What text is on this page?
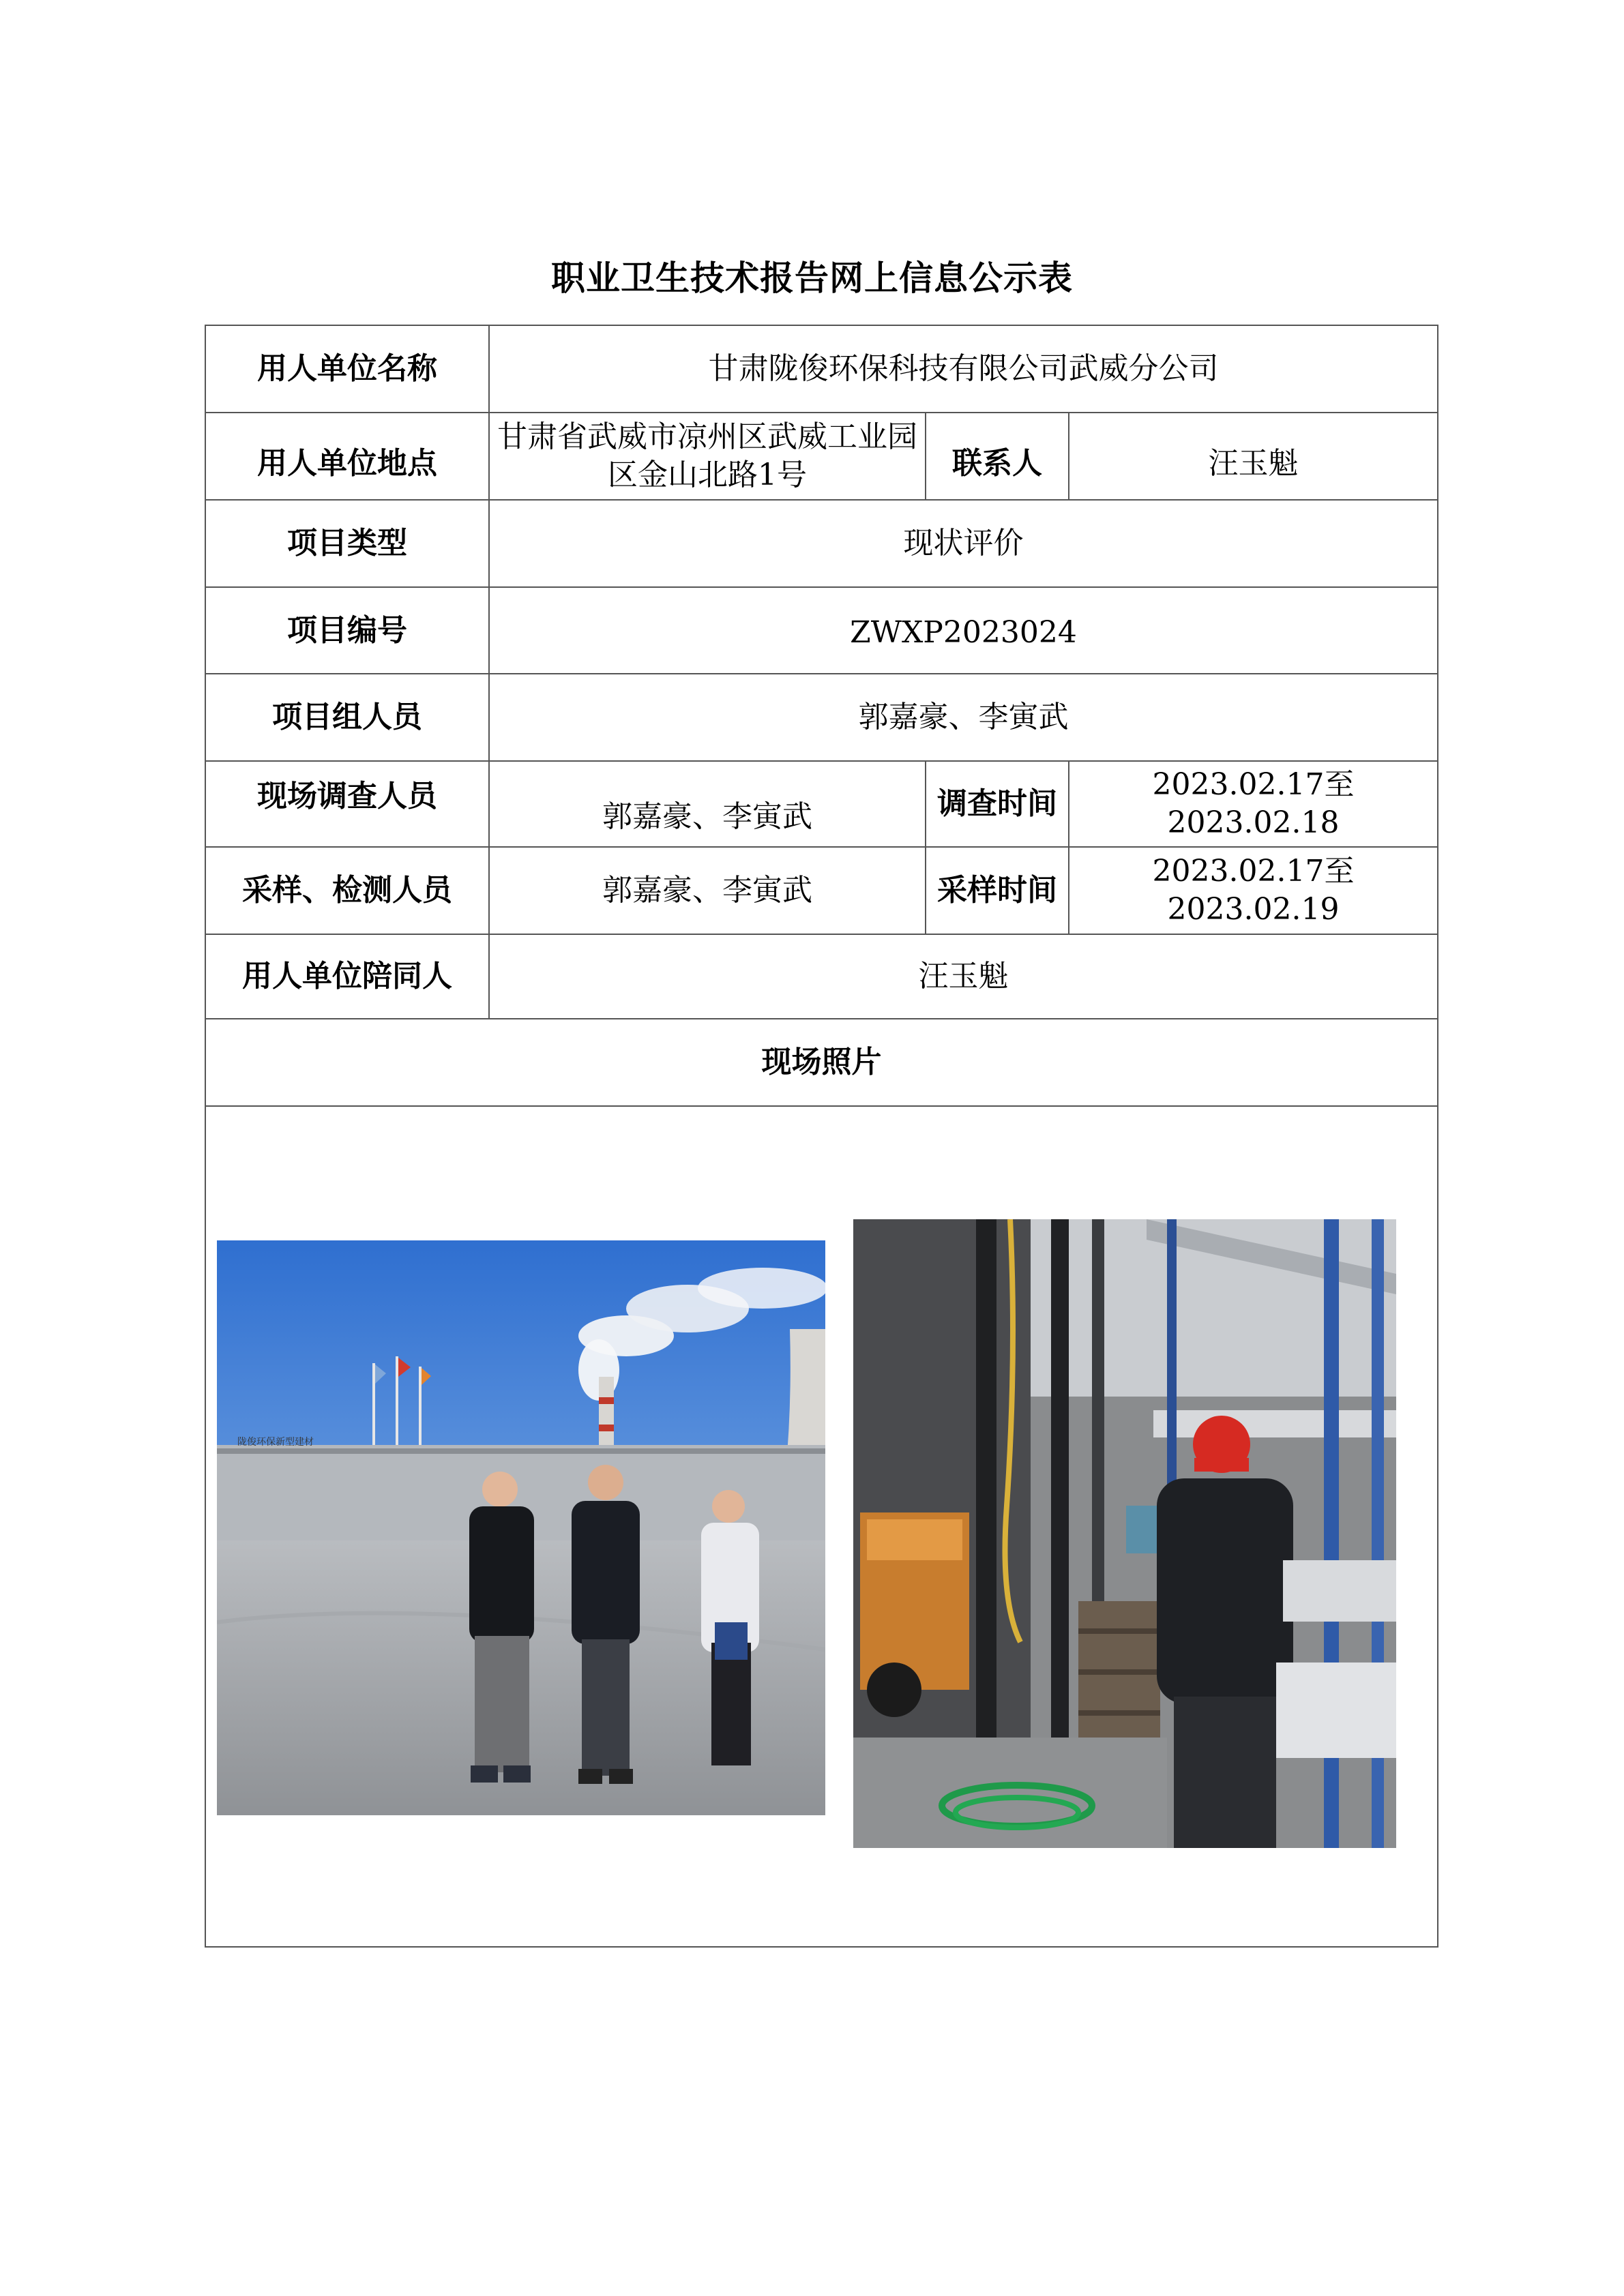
职业卫生技术报告网上信息公示表
用人单位名称	甘肃陇俊环保科技有限公司武威分公司		
用人单位地点	甘肃省武威市凉州区武威工业园区金山北路1号	联系人	汪玉魁
项目类型	现状评价		
项目编号	ZWXP2023024		
项目组人员	郭嘉豪、李寅武		
现场调查人员	郭嘉豪、李寅武	调查时间	2023.02.17至2023.02.18
采样、检测人员	郭嘉豪、李寅武	采样时间	2023.02.17至2023.02.19
用人单位陪同人	汪玉魁		
现场照片			

陇俊环保新型建材			
